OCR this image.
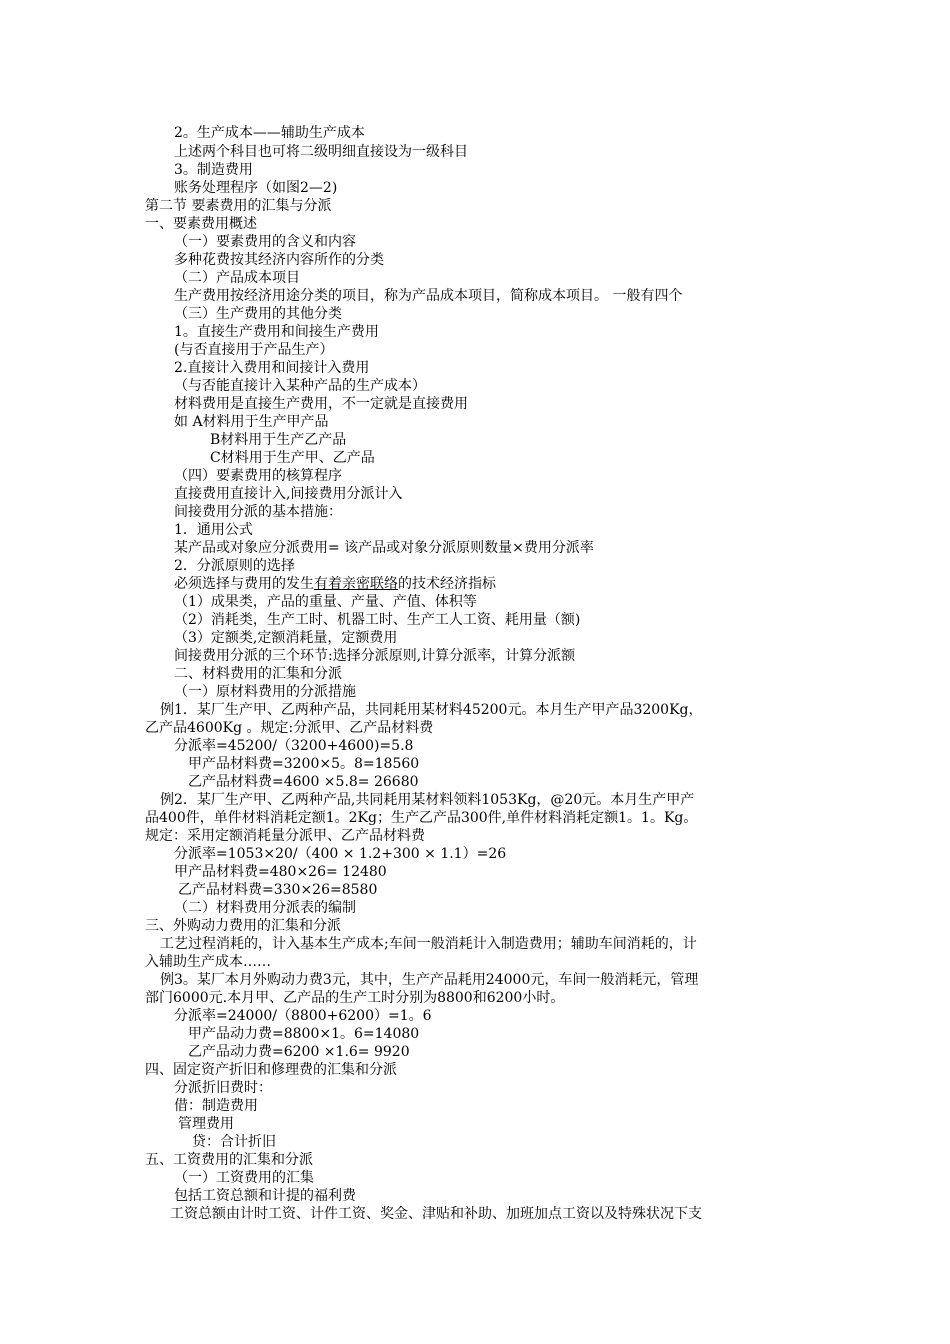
2。生产成本——辅助生产成本
上述两个科目也可将二级明细直接设为一级科目
3。制造费用
账务处理程序（如图2—2)
第二节 要素费用的汇集与分派
一、要素费用概述
（一）要素费用的含义和内容
多种花费按其经济内容所作的分类
（二）产品成本项目
生产费用按经济用途分类的项目，称为产品成本项目，简称成本项目。 一般有四个
（三）生产费用的其他分类
1。直接生产费用和间接生产费用
(与否直接用于产品生产）
2.直接计入费用和间接计入费用
（与否能直接计入某种产品的生产成本）
材料费用是直接生产费用，不一定就是直接费用
如 A材料用于生产甲产品
B材料用于生产乙产品
C材料用于生产甲、乙产品
（四）要素费用的核算程序
直接费用直接计入,间接费用分派计入
间接费用分派的基本措施：
1．通用公式
某产品或对象应分派费用= 该产品或对象分派原则数量×费用分派率
2．分派原则的选择
必须选择与费用的发生有着亲密联络的技术经济指标
（1）成果类，产品的重量、产量、产值、体积等
（2）消耗类，生产工时、机器工时、生产工人工资、耗用量（额)
（3）定额类,定额消耗量，定额费用
间接费用分派的三个环节:选择分派原则,计算分派率，计算分派额
二、材料费用的汇集和分派
（一）原材料费用的分派措施
例1．某厂生产甲、乙两种产品，共同耗用某材料45200元。本月生产甲产品3200Kg，
乙产品4600Kg 。规定:分派甲、乙产品材料费
分派率=45200/（3200+4600)=5.8
甲产品材料费=3200×5。8=18560
乙产品材料费=4600 ×5.8= 26680
例2．某厂生产甲、乙两种产品,共同耗用某材料领料1053Kg，@20元。本月生产甲产
品400件，单件材料消耗定额1。2Kg；生产乙产品300件,单件材料消耗定额1。1。Kg。
规定：采用定额消耗量分派甲、乙产品材料费
分派率=1053×20/（400 × 1.2+300 × 1.1）=26
甲产品材料费=480×26= 12480
乙产品材料费=330×26=8580
（二）材料费用分派表的编制
三、外购动力费用的汇集和分派
工艺过程消耗的，计入基本生产成本;车间一般消耗计入制造费用；辅助车间消耗的，计
入辅助生产成本……
例3。某厂本月外购动力费3元，其中，生产产品耗用24000元，车间一般消耗元，管理
部门6000元.本月甲、乙产品的生产工时分别为8800和6200小时。
分派率=24000/（8800+6200）=1。6
甲产品动力费=8800×1。6=14080
乙产品动力费=6200 ×1.6= 9920
四、固定资产折旧和修理费的汇集和分派
分派折旧费时：
借：制造费用
管理费用
贷：合计折旧
五、工资费用的汇集和分派
（一）工资费用的汇集
包括工资总额和计提的福利费
工资总额由计时工资、计件工资、奖金、津贴和补助、加班加点工资以及特殊状况下支
